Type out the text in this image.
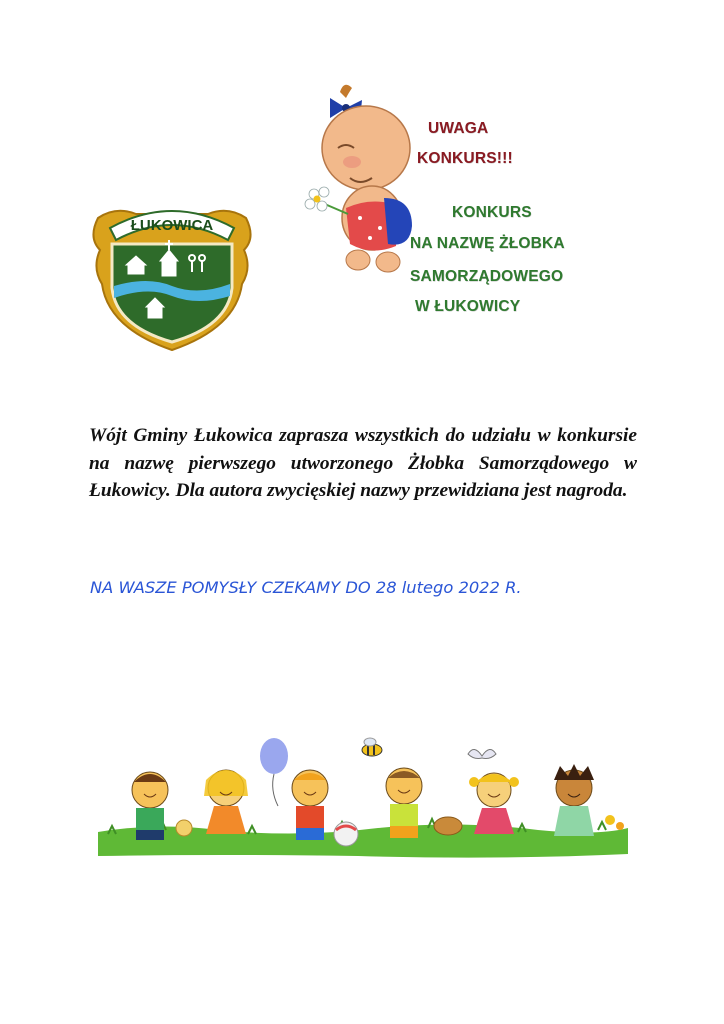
ŁUKOWICA
UWAGA
KONKURS!!!
KONKURS
NA NAZWĘ ŻŁOBKA
SAMORZĄDOWEGO
W ŁUKOWICY
Wójt Gminy Łukowica zaprasza wszystkich do udziału w konkursie na nazwę pierwszego utworzonego Żłobka Samorządowego w Łukowicy. Dla autora zwycięskiej nazwy przewidziana jest nagroda.
NA WASZE POMYSŁY CZEKAMY DO 28 lutego 2022 R.
